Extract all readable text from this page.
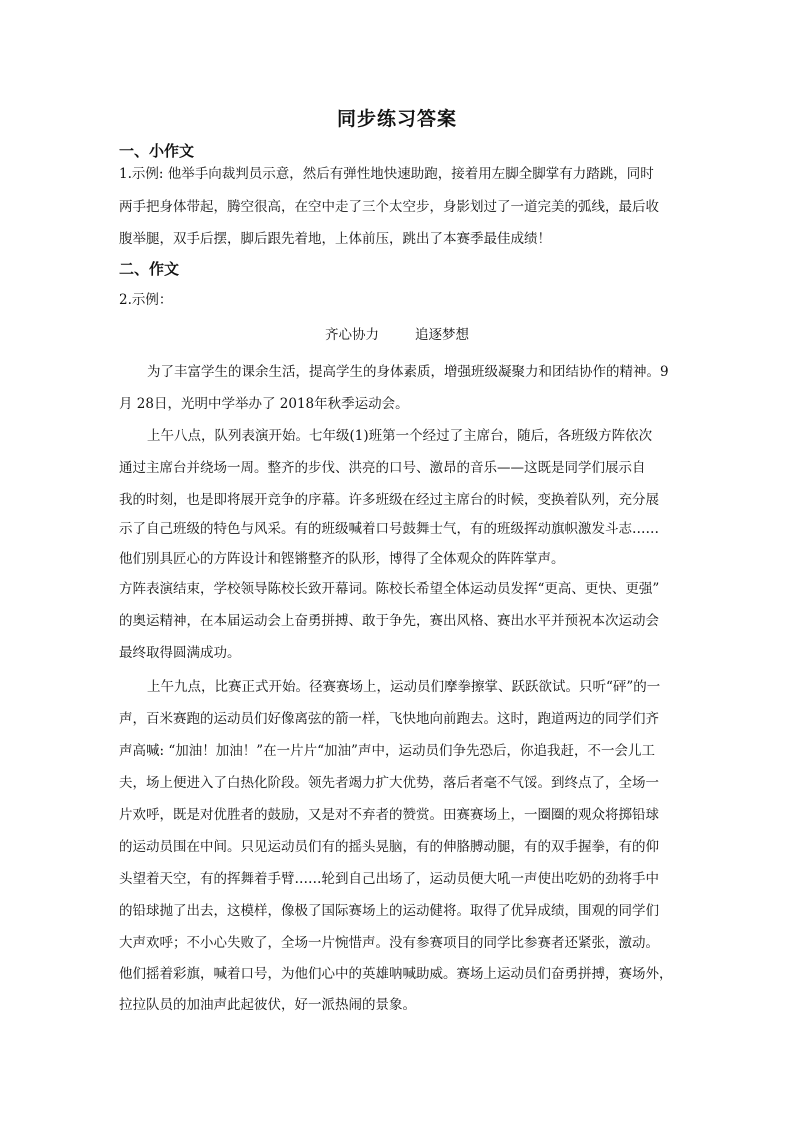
同步练习答案
一、小作文
1.示例: 他举手向裁判员示意，然后有弹性地快速助跑，接着用左脚全脚掌有力踏跳，同时
两手把身体带起，腾空很高，在空中走了三个太空步，身影划过了一道完美的弧线，最后收
腹举腿，双手后摆，脚后跟先着地，上体前压，跳出了本赛季最佳成绩！
二、作文
2.示例：
齐心协力	追逐梦想
为了丰富学生的课余生活，提高学生的身体素质，增强班级凝聚力和团结协作的精神。9
月 28日，光明中学举办了 2018年秋季运动会。
上午八点，队列表演开始。七年级(1)班第一个经过了主席台，随后，各班级方阵依次
通过主席台并绕场一周。整齐的步伐、洪亮的口号、激昂的音乐——这既是同学们展示自
我的时刻，也是即将展开竞争的序幕。许多班级在经过主席台的时候，变换着队列，充分展
示了自己班级的特色与风采。有的班级喊着口号鼓舞士气，有的班级挥动旗帜激发斗志……
他们别具匠心的方阵设计和铿锵整齐的队形，博得了全体观众的阵阵掌声。
方阵表演结束，学校领导陈校长致开幕词。陈校长希望全体运动员发挥“更高、更快、更强”
的奥运精神，在本届运动会上奋勇拼搏、敢于争先，赛出风格、赛出水平并预祝本次运动会
最终取得圆满成功。
上午九点，比赛正式开始。径赛赛场上，运动员们摩拳擦掌、跃跃欲试。只听“砰”的一
声，百米赛跑的运动员们好像离弦的箭一样，飞快地向前跑去。这时，跑道两边的同学们齐
声高喊: “加油！加油！”在一片片“加油”声中，运动员们争先恐后，你追我赶，不一会儿工
夫，场上便进入了白热化阶段。领先者竭力扩大优势，落后者毫不气馁。到终点了，全场一
片欢呼，既是对优胜者的鼓励，又是对不弃者的赞赏。田赛赛场上，一圈圈的观众将掷铅球
的运动员围在中间。只见运动员们有的摇头晃脑，有的伸胳膊动腿，有的双手握拳，有的仰
头望着天空，有的挥舞着手臂……轮到自己出场了，运动员便大吼一声使出吃奶的劲将手中
的铅球抛了出去，这模样，像极了国际赛场上的运动健将。取得了优异成绩，围观的同学们
大声欢呼；不小心失败了，全场一片惋惜声。没有参赛项目的同学比参赛者还紧张，激动。
他们摇着彩旗，喊着口号，为他们心中的英雄呐喊助威。赛场上运动员们奋勇拼搏，赛场外，
拉拉队员的加油声此起彼伏，好一派热闹的景象。
